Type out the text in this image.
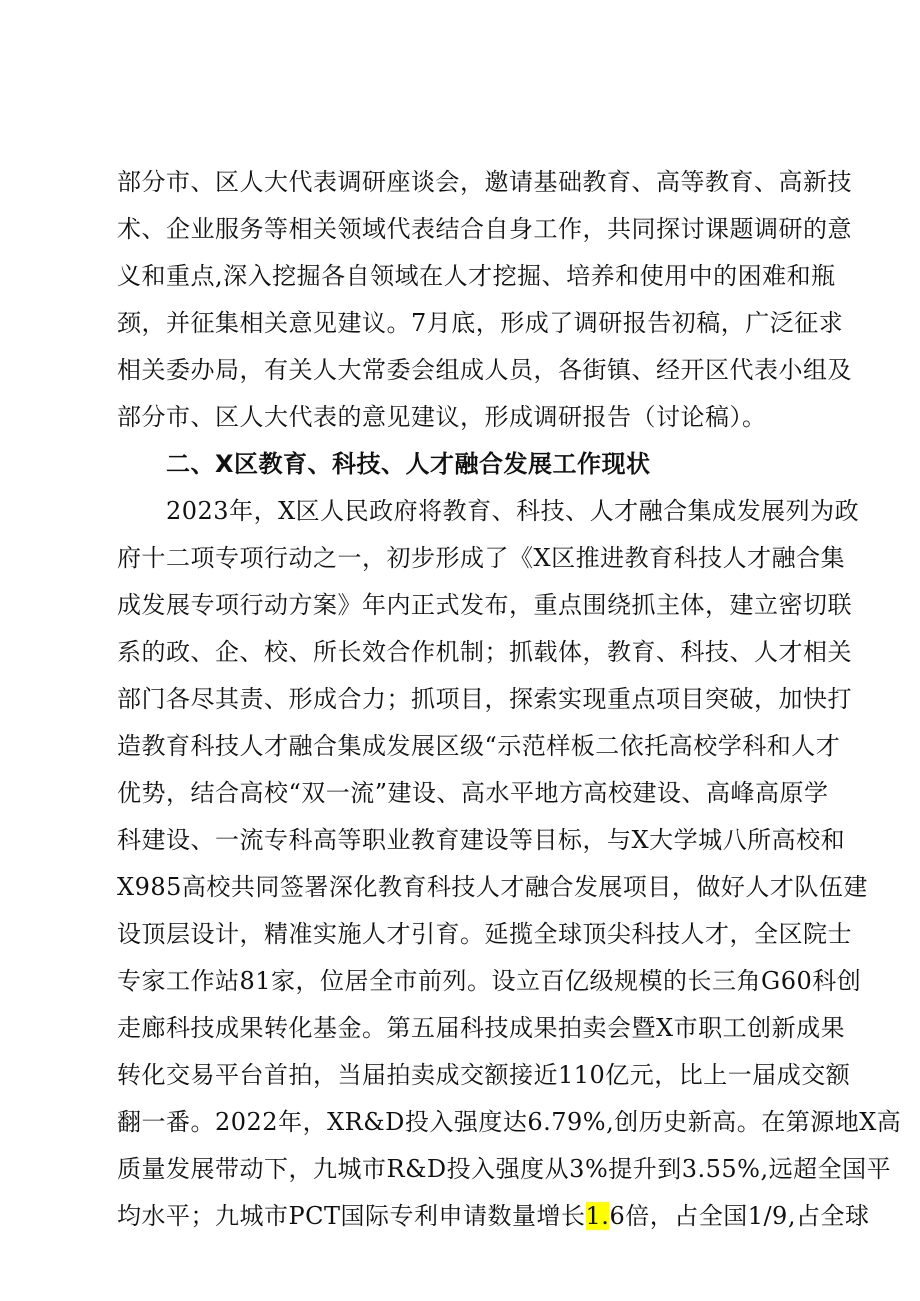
部分市、区人大代表调研座谈会，邀请基础教育、高等教育、高新技
术、企业服务等相关领域代表结合自身工作，共同探讨课题调研的意
义和重点,深入挖掘各自领域在人才挖掘、培养和使用中的困难和瓶
颈，并征集相关意见建议。7月底，形成了调研报告初稿，广泛征求
相关委办局，有关人大常委会组成人员，各街镇、经开区代表小组及
部分市、区人大代表的意见建议，形成调研报告（讨论稿）。
二、X区教育、科技、人才融合发展工作现状
2023年，X区人民政府将教育、科技、人才融合集成发展列为政
府十二项专项行动之一，初步形成了《X区推进教育科技人才融合集
成发展专项行动方案》年内正式发布，重点围绕抓主体，建立密切联
系的政、企、校、所长效合作机制；抓载体，教育、科技、人才相关
部门各尽其责、形成合力；抓项目，探索实现重点项目突破，加快打
造教育科技人才融合集成发展区级“示范样板二依托高校学科和人才
优势，结合高校“双一流”建设、高水平地方高校建设、高峰高原学
科建设、一流专科高等职业教育建设等目标，与X大学城八所高校和
X985高校共同签署深化教育科技人才融合发展项目，做好人才队伍建
设顶层设计，精准实施人才引育。延揽全球顶尖科技人才，全区院士
专家工作站81家，位居全市前列。设立百亿级规模的长三角G60科创
走廊科技成果转化基金。第五届科技成果拍卖会暨X市职工创新成果
转化交易平台首拍，当届拍卖成交额接近110亿元，比上一届成交额
翻一番。2022年，XR&D投入强度达6.79%,创历史新高。在第源地X高
质量发展带动下，九城市R&D投入强度从3%提升到3.55%,远超全国平
均水平；九城市PCT国际专利申请数量增长1.6倍，占全国1/9,占全球
